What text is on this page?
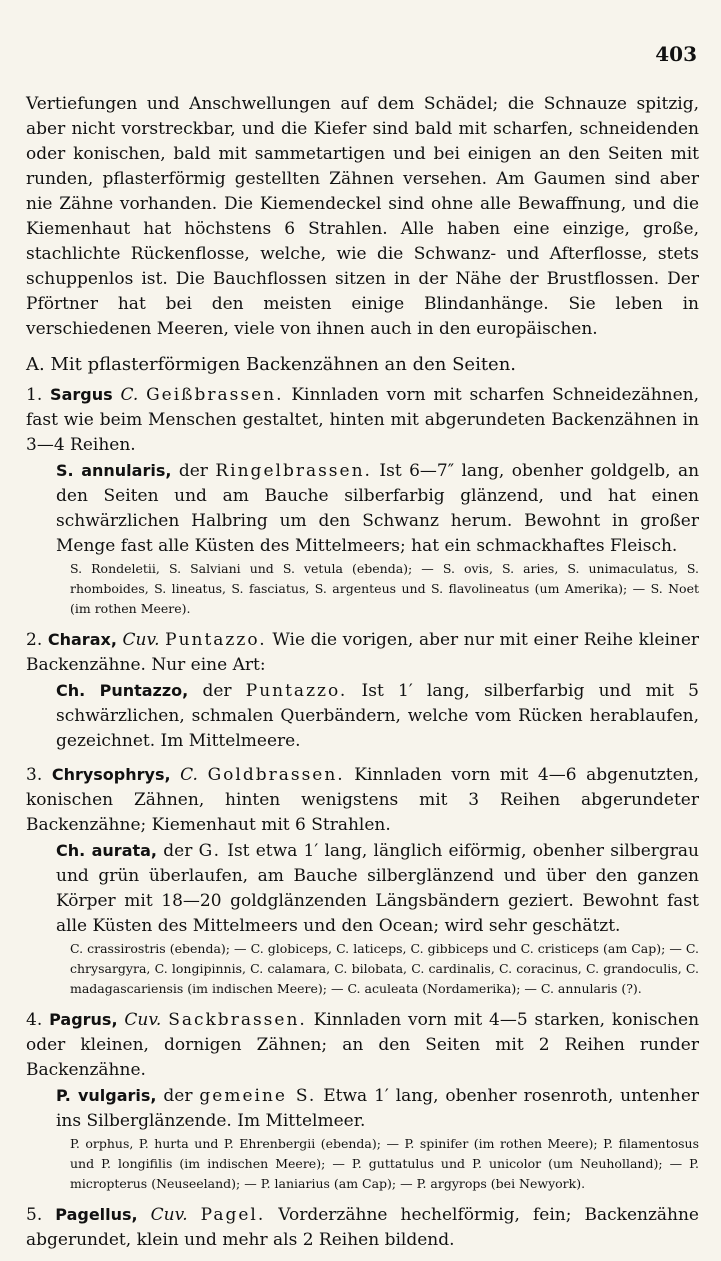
403

Vertiefungen und Anschwellungen auf dem Schädel; die Schnauze spitzig, aber nicht vorstreckbar, und die Kiefer sind bald mit scharfen, schneidenden oder konischen, bald mit sammetartigen und bei einigen an den Seiten mit runden, pflasterförmig gestellten Zähnen versehen. Am Gaumen sind aber nie Zähne vorhanden. Die Kiemendeckel sind ohne alle Bewaffnung, und die Kiemenhaut hat höchstens 6 Strahlen. Alle haben eine einzige, große, stachlichte Rückenflosse, welche, wie die Schwanz- und Afterflosse, stets schuppenlos ist. Die Bauchflossen sitzen in der Nähe der Brustflossen. Der Pförtner hat bei den meisten einige Blindanhänge. Sie leben in verschiedenen Meeren, viele von ihnen auch in den europäischen.

A. Mit pflasterförmigen Backenzähnen an den Seiten.

1. Sargus C. Geißbrassen. Kinnladen vorn mit scharfen Schneidezähnen, fast wie beim Menschen gestaltet, hinten mit abgerundeten Backenzähnen in 3—4 Reihen.

S. annularis, der Ringelbrassen. Ist 6—7″ lang, obenher goldgelb, an den Seiten und am Bauche silberfarbig glänzend, und hat einen schwärzlichen Halbring um den Schwanz herum. Bewohnt in großer Menge fast alle Küsten des Mittelmeers; hat ein schmackhaftes Fleisch.

S. Rondeletii, S. Salviani und S. vetula (ebenda); — S. ovis, S. aries, S. unimaculatus, S. rhomboides, S. lineatus, S. fasciatus, S. argenteus und S. flavolineatus (um Amerika); — S. Noet (im rothen Meere).

2. Charax, Cuv. Puntazzo. Wie die vorigen, aber nur mit einer Reihe kleiner Backenzähne. Nur eine Art:

Ch. Puntazzo, der Puntazzo. Ist 1′ lang, silberfarbig und mit 5 schwärzlichen, schmalen Querbändern, welche vom Rücken herablaufen, gezeichnet. Im Mittelmeere.

3. Chrysophrys, C. Goldbrassen. Kinnladen vorn mit 4—6 abgenutzten, konischen Zähnen, hinten wenigstens mit 3 Reihen abgerundeter Backenzähne; Kiemenhaut mit 6 Strahlen.

Ch. aurata, der G. Ist etwa 1′ lang, länglich eiförmig, obenher silbergrau und grün überlaufen, am Bauche silberglänzend und über den ganzen Körper mit 18—20 goldglänzenden Längsbändern geziert. Bewohnt fast alle Küsten des Mittelmeers und den Ocean; wird sehr geschätzt.

C. crassirostris (ebenda); — C. globiceps, C. laticeps, C. gibbiceps und C. cristiceps (am Cap); — C. chrysargyra, C. longipinnis, C. calamara, C. bilobata, C. cardinalis, C. coracinus, C. grandoculis, C. madagascariensis (im indischen Meere); — C. aculeata (Nordamerika); — C. annularis (?).

4. Pagrus, Cuv. Sackbrassen. Kinnladen vorn mit 4—5 starken, konischen oder kleinen, dornigen Zähnen; an den Seiten mit 2 Reihen runder Backenzähne.

P. vulgaris, der gemeine S. Etwa 1′ lang, obenher rosenroth, untenher ins Silberglänzende. Im Mittelmeer.

P. orphus, P. hurta und P. Ehrenbergii (ebenda); — P. spinifer (im rothen Meere); P. filamentosus und P. longifilis (im indischen Meere); — P. guttatulus und P. unicolor (um Neuholland); — P. micropterus (Neuseeland); — P. laniarius (am Cap); — P. argyrops (bei Newyork).

5. Pagellus, Cuv. Pagel. Vorderzähne hechelförmig, fein; Backenzähne abgerundet, klein und mehr als 2 Reihen bildend.
